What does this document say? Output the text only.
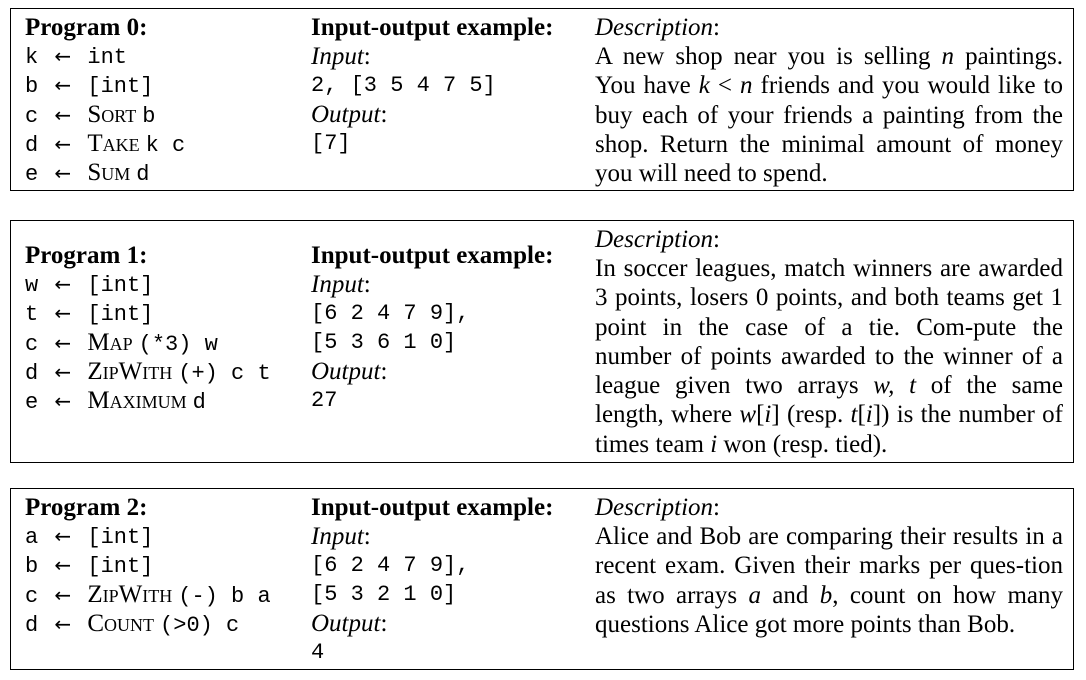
Program 0:
k ← int
b ← [int]
c ← Sort b
d ← Take k c
e ← Sum d
Input-output example:
Input:
2, [3 5 4 7 5]
Output:
[7]
Description:
A new shop near you is selling n paintings. You have k < n friends and you would like to buy each of your friends a painting from the shop. Return the minimal amount of money you will need to spend.
Program 1:
w ← [int]
t ← [int]
c ← Map (*3) w
d ← ZipWith (+) c t
e ← Maximum d
Input-output example:
Input:
[6 2 4 7 9],
[5 3 6 1 0]
Output:
27
Description:
In soccer leagues, match winners are awarded 3 points, losers 0 points, and both teams get 1 point in the case of a tie. Com-pute the number of points awarded to the winner of a league given two arrays w, t of the same length, where w[i] (resp. t[i]) is the number of times team i won (resp. tied).
Program 2:
a ← [int]
b ← [int]
c ← ZipWith (-) b a
d ← Count (>0) c
Input-output example:
Input:
[6 2 4 7 9],
[5 3 2 1 0]
Output:
4
Description:
Alice and Bob are comparing their results in a recent exam. Given their marks per ques-tion as two arrays a and b, count on how many questions Alice got more points than Bob.
